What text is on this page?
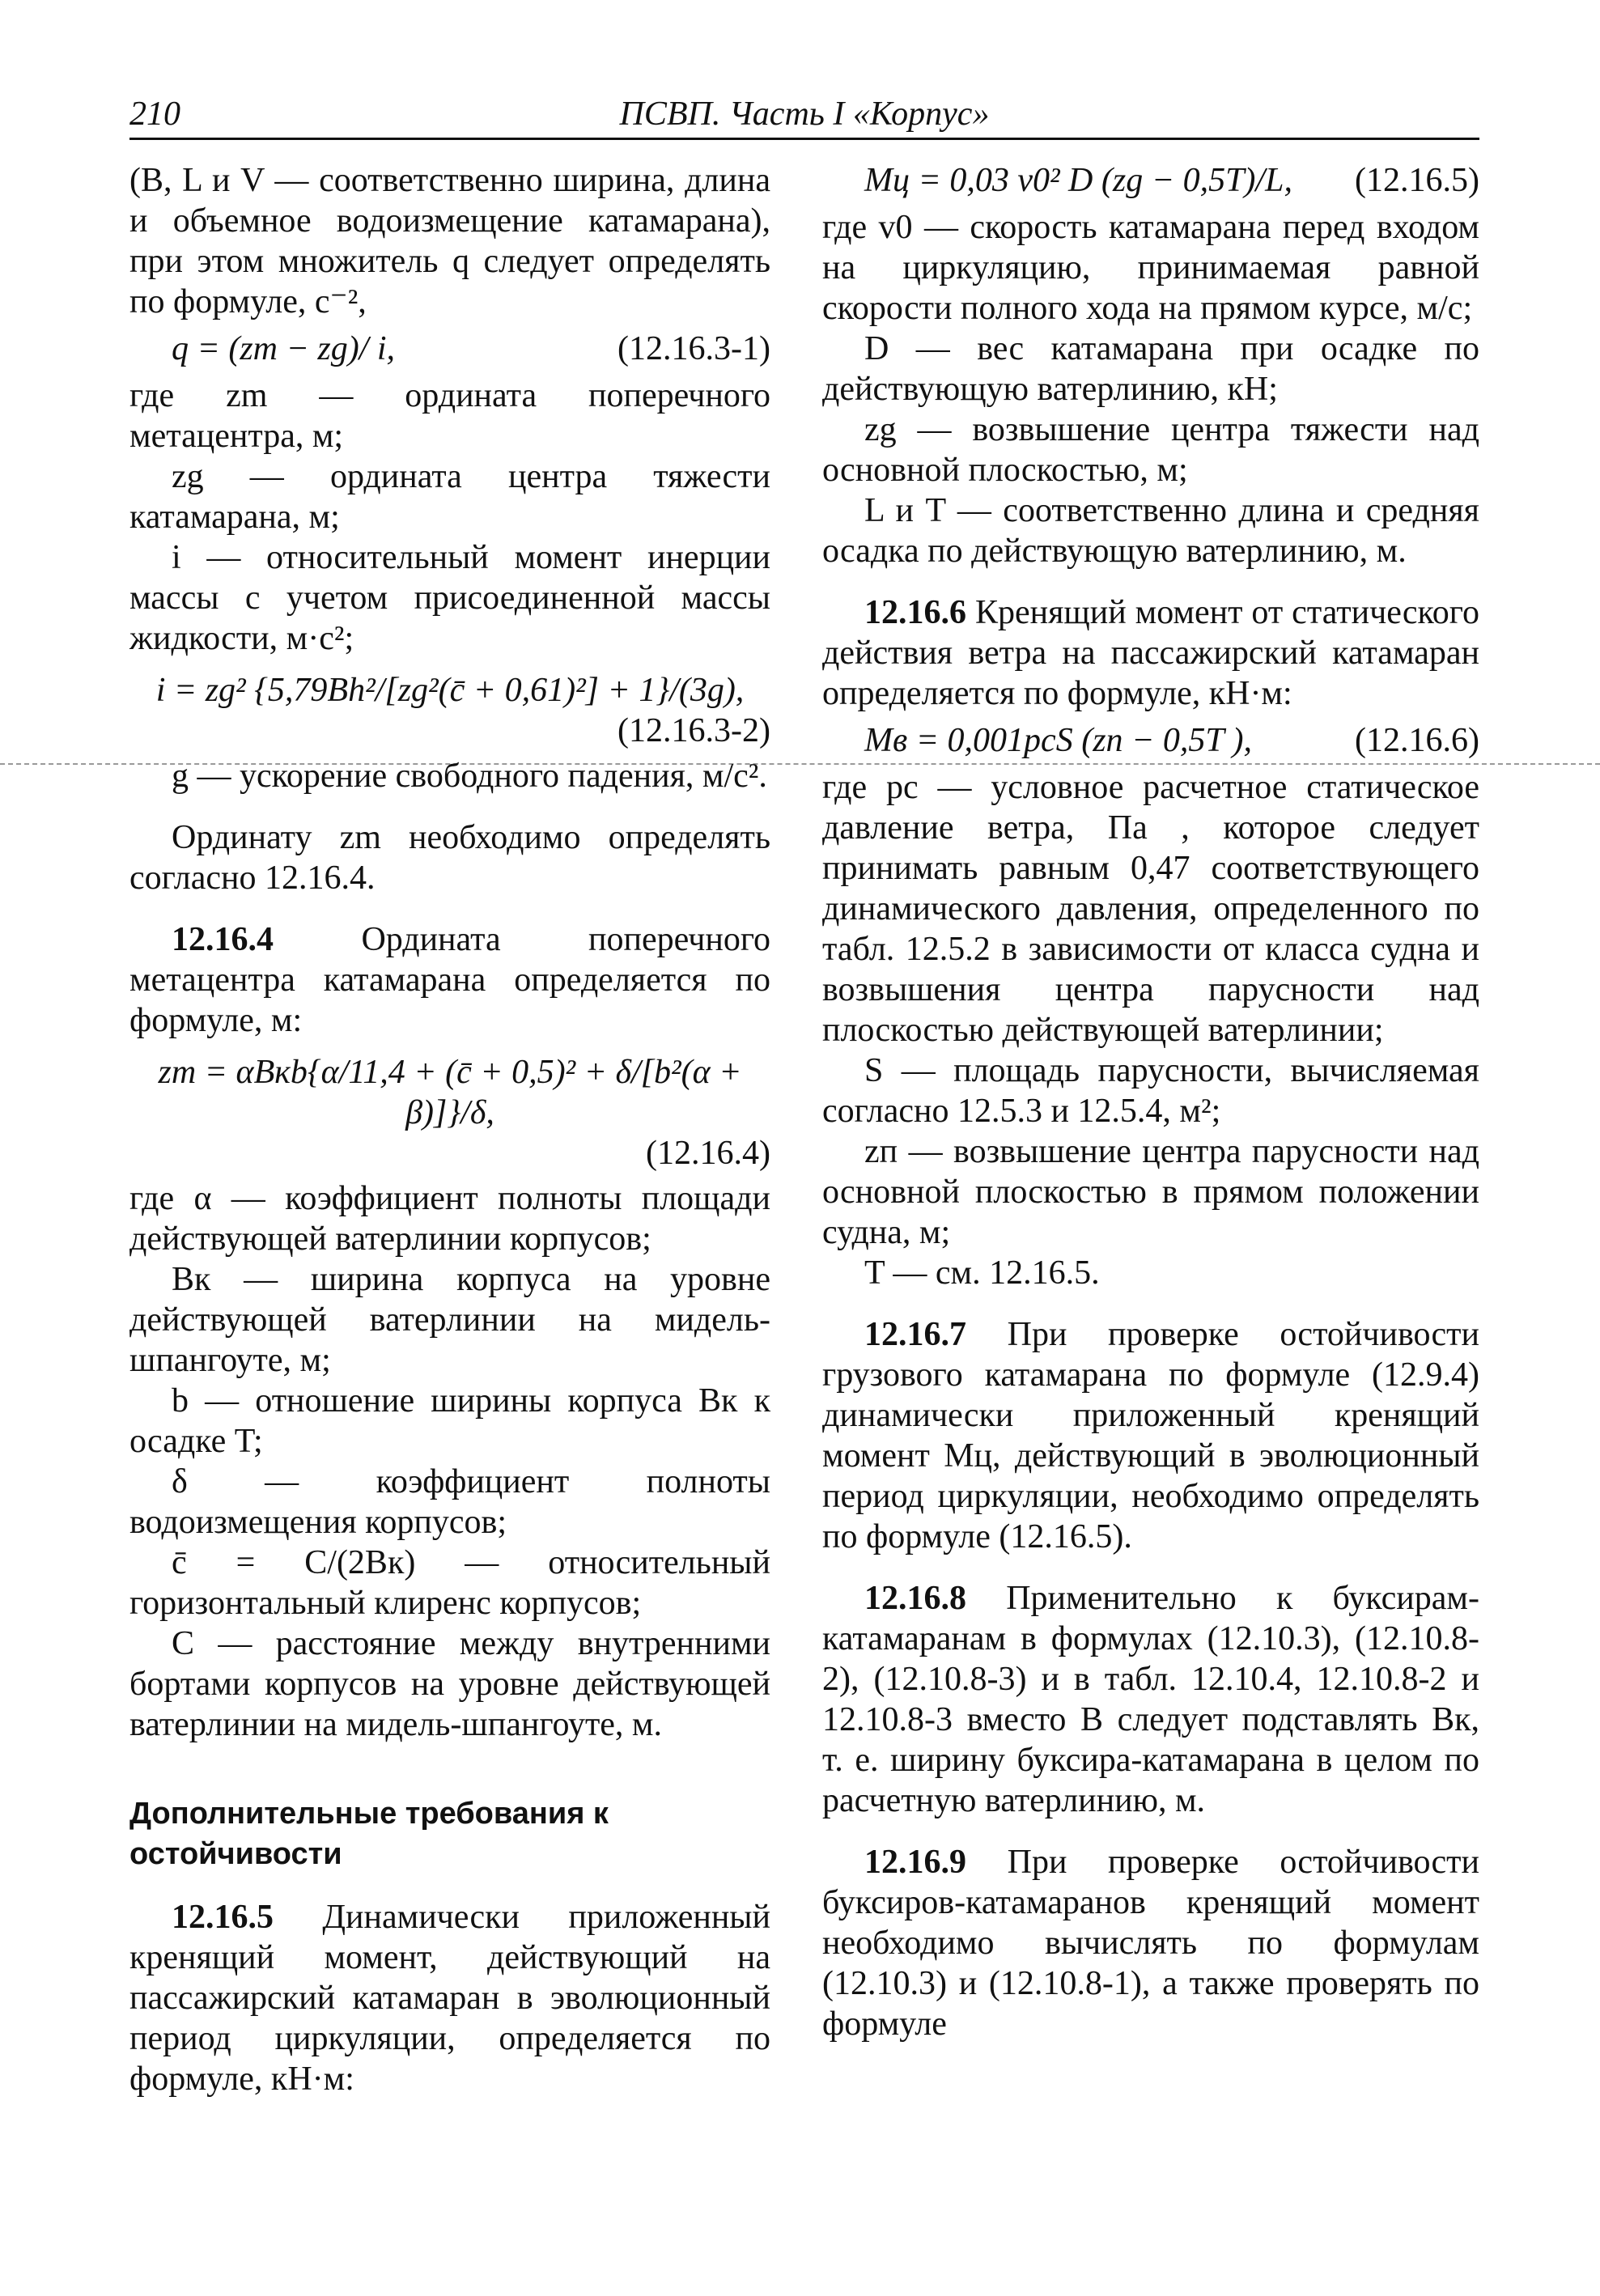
210	ПСВП. Часть I «Корпус»

(B, L и V — соответственно ширина, длина и объемное водоизмещение катамарана), при этом множитель q следует определять по формуле, с⁻²,

q = (zm − zg)/ i,	(12.16.3-1)

где zm — ордината поперечного метацентра, м;

zg — ордината центра тяжести катамарана, м;

i — относительный момент инерции массы с учетом присоединенной массы жидкости, м·с²;

i = zg² {5,79Bh²/[zg²(c̄ + 0,61)²] + 1}/(3g),
(12.16.3-2)

g — ускорение свободного падения, м/с².

Ординату zm необходимо определять согласно 12.16.4.

12.16.4	Ордината поперечного метацентра катамарана определяется по формуле, м:

zm = αBкb{α/11,4 + (c̄ + 0,5)² + δ/[b²(α + β)]}/δ,
(12.16.4)

где α — коэффициент полноты площади действующей ватерлинии корпусов;

Bк — ширина корпуса на уровне действующей ватерлинии на мидель-шпангоуте, м;

b — отношение ширины корпуса Bк к осадке T;

δ — коэффициент полноты водоизмещения корпусов;

c̄ = C/(2Bк) — относительный горизонтальный клиренс корпусов;

C — расстояние между внутренними бортами корпусов на уровне действующей ватерлинии на мидель-шпангоуте, м.

Дополнительные требования к остойчивости

12.16.5 Динамически приложенный кренящий момент, действующий на пассажирский катамаран в эволюционный период циркуляции, определяется по формуле, кН·м:

Mц = 0,03 v0² D (zg − 0,5T)/L, (12.16.5)

где v0 — скорость катамарана перед входом на циркуляцию, принимаемая равной скорости полного хода на прямом курсе, м/с;

D — вес катамарана при осадке по действующую ватерлинию, кН;

zg — возвышение центра тяжести над основной плоскостью, м;

L и T — соответственно длина и средняя осадка по действующую ватерлинию, м.

12.16.6 Кренящий момент от статического действия ветра на пассажирский катамаран определяется по формуле, кН·м:

Mв = 0,001pcS (zп − 0,5T ),	(12.16.6)

где pc — условное расчетное статическое давление ветра, Па , которое следует принимать равным 0,47 соответствующего динамического давления, определенного по табл. 12.5.2 в зависимости от класса судна и возвышения центра парусности над плоскостью действующей ватерлинии;

S — площадь парусности, вычисляемая согласно 12.5.3 и 12.5.4, м²;

zп — возвышение центра парусности над основной плоскостью в прямом положении судна, м;

T — см. 12.16.5.

12.16.7 При проверке остойчивости грузового катамарана по формуле (12.9.4) динамически приложенный кренящий момент Mц, действующий в эволюционный период циркуляции, необходимо определять по формуле (12.16.5).

12.16.8 Применительно к буксирам-катамаранам в формулах (12.10.3), (12.10.8-2), (12.10.8-3) и в табл. 12.10.4, 12.10.8-2 и 12.10.8-3 вместо B следует подставлять Bк, т. е. ширину буксира-катамарана в целом по расчетную ватерлинию, м.

12.16.9 При проверке остойчивости буксиров-катамаранов кренящий момент необходимо вычислять по формулам (12.10.3) и (12.10.8-1), а также проверять по формуле
